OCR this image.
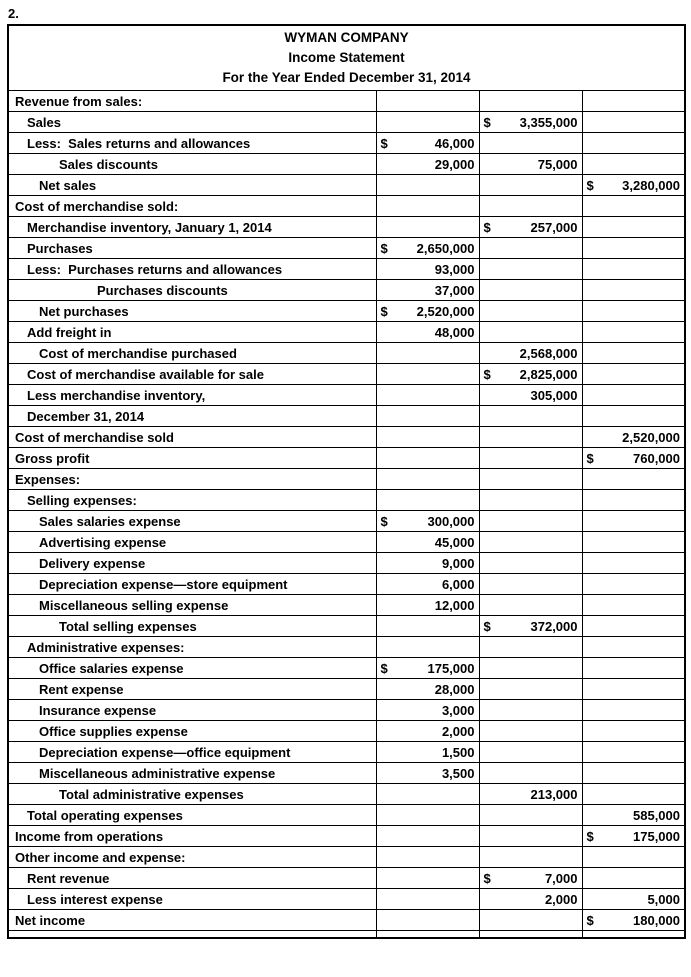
2.
WYMAN COMPANY
Income Statement
For the Year Ended December 31, 2014			

Revenue from sales:			
Sales		$ 3,355,000	

Less:  Sales returns and allowances	$ 46,000		

Sales discounts	29,000	75,000	

Net sales			$ 3,280,000

Cost of merchandise sold:			
Merchandise inventory, January 1, 2014		$ 257,000	

Purchases	$ 2,650,000		

Less:  Purchases returns and allowances	93,000		

Purchases discounts	37,000		

Net purchases	$ 2,520,000		

Add freight in	48,000		

Cost of merchandise purchased		2,568,000	

Cost of merchandise available for sale		$ 2,825,000	

Less merchandise inventory,		305,000	

December 31, 2014			
Cost of merchandise sold			2,520,000

Gross profit			$ 760,000

Expenses:			
Selling expenses:			
Sales salaries expense	$ 300,000		

Advertising expense	45,000		

Delivery expense	9,000		

Depreciation expense—store equipment	6,000		

Miscellaneous selling expense	12,000		

Total selling expenses		$ 372,000	

Administrative expenses:			
Office salaries expense	$ 175,000		

Rent expense	28,000		

Insurance expense	3,000		

Office supplies expense	2,000		

Depreciation expense—office equipment	1,500		

Miscellaneous administrative expense	3,500		

Total administrative expenses		213,000	

Total operating expenses			585,000

Income from operations			$ 175,000

Other income and expense:			
Rent revenue		$ 7,000	

Less interest expense		2,000	5,000

Net income			$ 180,000
